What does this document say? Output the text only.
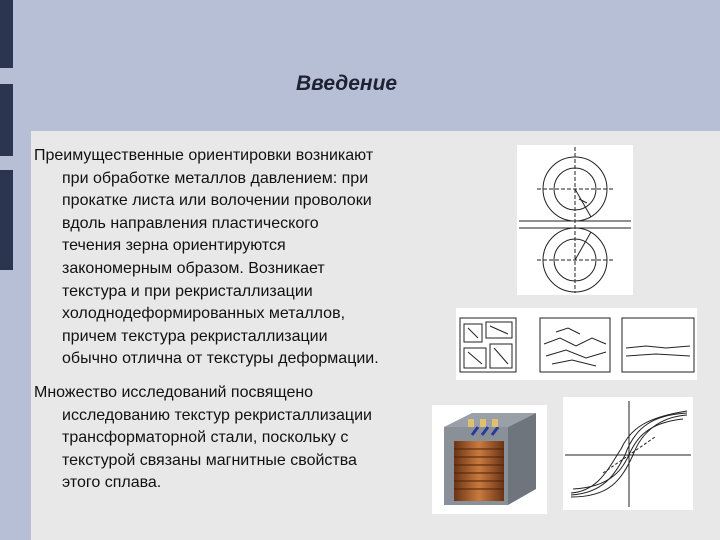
Введение

Преимущественные ориентировки возникают
при обработке металлов давлением: при
прокатке листа или волочении проволоки
вдоль направления пластического
течения зерна ориентируются
закономерным образом. Возникает
текстура и при рекристаллизации
холоднодеформированных металлов,
причем текстура рекристаллизации
обычно отлична от текстуры деформации.

Множество исследований посвящено
исследованию текстур рекристаллизации
трансформаторной стали, поскольку с
текстурой связаны магнитные свойства
этого сплава.
